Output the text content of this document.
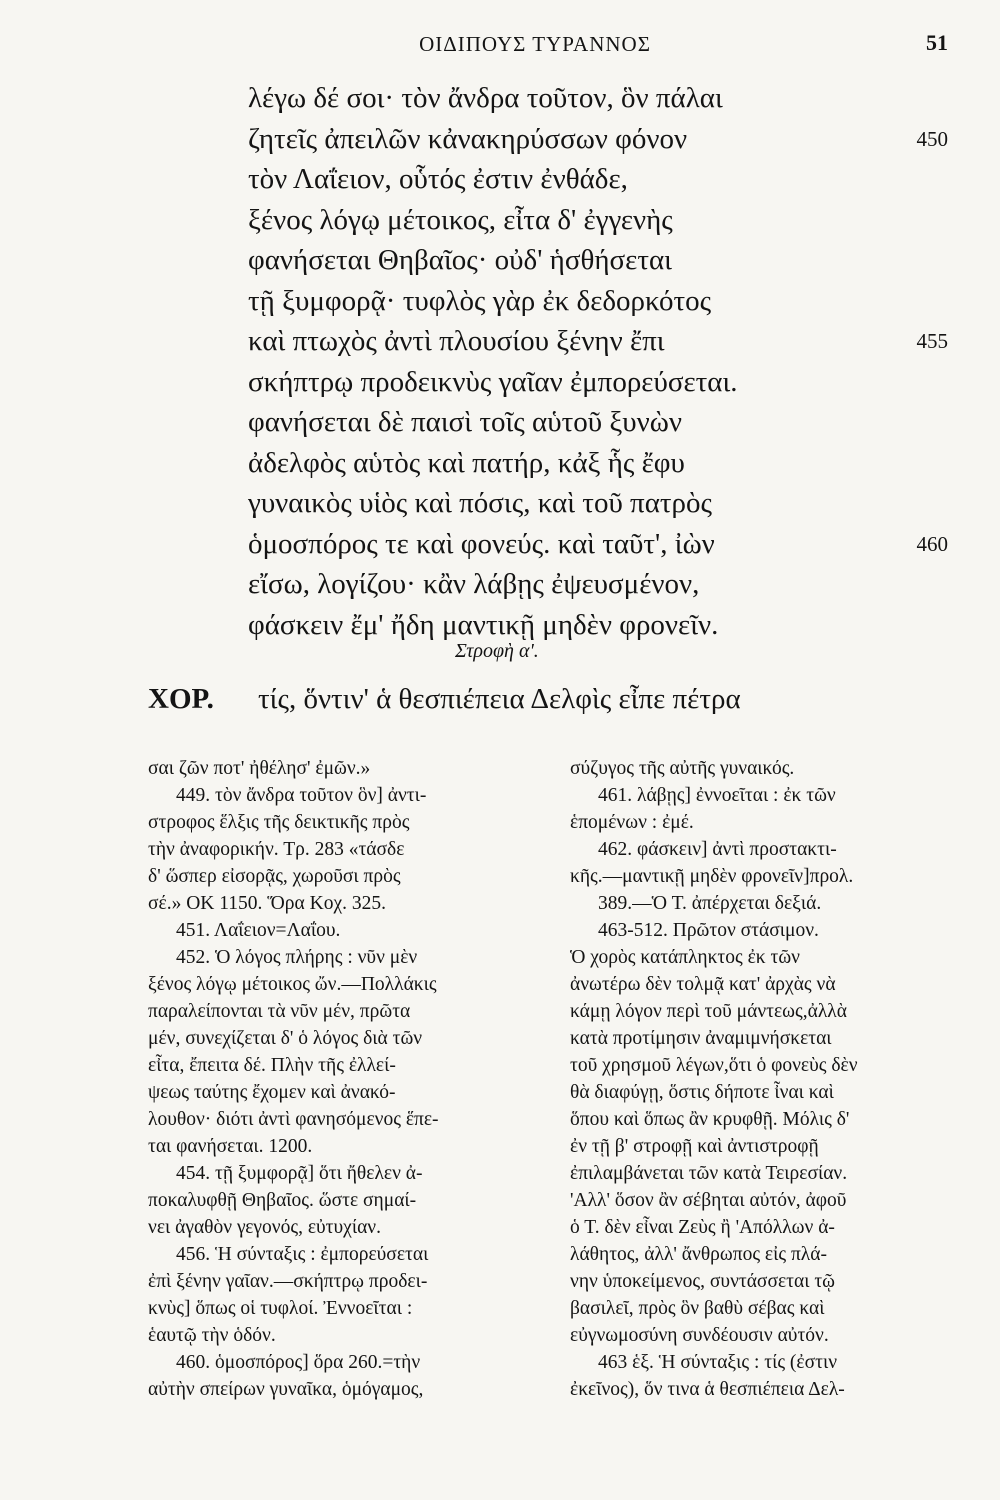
ΟΙΔΙΠΟΥΣ ΤΥΡΑΝΝΟΣ	51
λέγω δέ σοι· τὸν ἄνδρα τοῦτον, ὃν πάλαι
ζητεῖς ἀπειλῶν κἀνακηρύσσων φόνον	450
τὸν Λαΐειον, οὗτός ἐστιν ἐνθάδε,
ξένος λόγῳ μέτοικος, εἶτα δ' ἐγγενὴς
φανήσεται Θηβαῖος· οὐδ' ἡσθήσεται
τῇ ξυμφορᾷ· τυφλὸς γὰρ ἐκ δεδορκότος
καὶ πτωχὸς ἀντὶ πλουσίου ξένην ἔπι	455
σκήπτρῳ προδεικνὺς γαῖαν ἐμπορεύσεται.
φανήσεται δὲ παισὶ τοῖς αὑτοῦ ξυνὼν
ἀδελφὸς αὑτὸς καὶ πατήρ, κἀξ ἧς ἔφυ
γυναικὸς υἱὸς καὶ πόσις, καὶ τοῦ πατρὸς
ὁμοσπόρος τε καὶ φονεύς. καὶ ταῦτ', ἰὼν	460
εἴσω, λογίζου· κἂν λάβῃς ἐψευσμένον,
φάσκειν ἔμ' ἤδη μαντικῇ μηδὲν φρονεῖν.
Στροφὴ α'.
ΧΟΡ. τίς, ὅντιν' ἁ θεσπιέπεια Δελφὶς εἶπε πέτρα
σαι ζῶν ποτ' ἠθέλησ' ἐμῶν.»
449. τὸν ἄνδρα τοῦτον ὃν] ἀντι-
στροφος ἕλξις τῆς δεικτικῆς πρὸς
τὴν ἀναφορικήν. Τρ. 283 «τάσδε
δ' ὥσπερ εἰσορᾷς, χωροῦσι πρὸς
σέ.» ΟΚ 1150. Ὅρα Κοχ. 325.
451. Λαΐειον=Λαΐου.
452. Ὁ λόγος πλήρης : νῦν μὲν
ξένος λόγῳ μέτοικος ὤν.—Πολλάκις
παραλείπονται τὰ νῦν μέν, πρῶτα
μέν, συνεχίζεται δ' ὁ λόγος διὰ τῶν
εἶτα, ἔπειτα δέ. Πλὴν τῆς ἐλλεί-
ψεως ταύτης ἔχομεν καὶ ἀνακό-
λουθον· διότι ἀντὶ φανησόμενος ἕπε-
ται φανήσεται. 1200.
454. τῇ ξυμφορᾷ] ὅτι ἤθελεν ἀ-
ποκαλυφθῇ Θηβαῖος. ὥστε σημαί-
νει ἀγαθὸν γεγονός, εὐτυχίαν.
456. Ἡ σύνταξις : ἐμπορεύσεται
ἐπὶ ξένην γαῖαν.—σκήπτρῳ προδει-
κνὺς] ὅπως οἱ τυφλοί. Ἐννοεῖται :
ἑαυτῷ τὴν ὁδόν.
460. ὁμοσπόρος] ὅρα 260.=τὴν
αὐτὴν σπείρων γυναῖκα, ὁμόγαμος,
σύζυγος τῆς αὐτῆς γυναικός.
461. λάβῃς] ἐννοεῖται : ἐκ τῶν
ἑπομένων : ἐμέ.
462. φάσκειν] ἀντὶ προστακτι-
κῆς.—μαντικῇ μηδὲν φρονεῖν]προλ.
389.—Ὁ Τ. ἀπέρχεται δεξιά.
463-512. Πρῶτον στάσιμον.
Ὁ χορὸς κατάπληκτος ἐκ τῶν
ἀνωτέρω δὲν τολμᾷ κατ' ἀρχὰς νὰ
κάμῃ λόγον περὶ τοῦ μάντεως,ἀλλὰ
κατὰ προτίμησιν ἀναμιμνήσκεται
τοῦ χρησμοῦ λέγων,ὅτι ὁ φονεὺς δὲν
θὰ διαφύγῃ, ὅστις δήποτε ἶναι καὶ
ὅπου καὶ ὅπως ἂν κρυφθῇ. Μόλις δ'
ἐν τῇ β' στροφῇ καὶ ἀντιστροφῇ
ἐπιλαμβάνεται τῶν κατὰ Τειρεσίαν.
'Αλλ' ὅσον ἂν σέβηται αὐτόν, ἀφοῦ
ὁ Τ. δὲν εἶναι Ζεὺς ἢ 'Απόλλων ἀ-
λάθητος, ἀλλ' ἄνθρωπος εἰς πλά-
νην ὑποκείμενος, συντάσσεται τῷ
βασιλεῖ, πρὸς ὃν βαθὺ σέβας καὶ
εὐγνωμοσύνη συνδέουσιν αὐτόν.
463 ἑξ. Ἡ σύνταξις : τίς (ἐστιν
ἐκεῖνος), ὅν τινα ἁ θεσπιέπεια Δελ-
